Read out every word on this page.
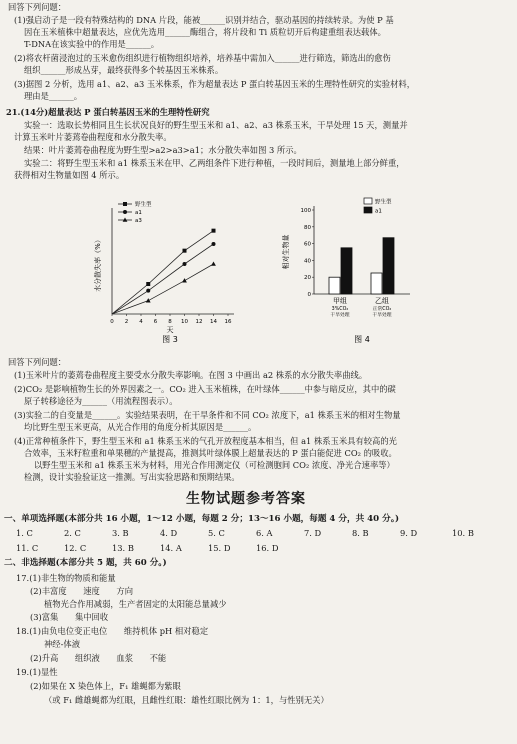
回答下列问题：
(1)强启动子是一段有特殊结构的 DNA 片段，能被______识别并结合，驱动基因的持续转录。为使 P 基
因在玉米植株中超量表达，应优先选用______酶组合，将片段和 Ti 质粒切开后构建重组表达载体。
T-DNA在该实验中的作用是______。
(2)将农杆菌浸泡过的玉米愈伤组织进行植物组织培养，培养基中需加入______进行筛选，筛选出的愈伤
组织______形成丛芽，最终获得多个转基因玉米株系。
(3)据图 2 分析，选用 a1、a2、a3 玉米株系，作为超量表达 P 蛋白转基因玉米的生理特性研究的实验材料，
理由是______。
21.(14分)超量表达 P 蛋白转基因玉米的生理特性研究
实验一：选取长势相同且生长状况良好的野生型玉米和 a1、a2、a3 株系玉米，干旱处理 15 天，测量并
计算玉米叶片萎蔫卷曲程度和水分散失率。
结果：叶片萎蔫卷曲程度为野生型>a2>a3>a1；水分散失率如图 3 所示。
实验二：将野生型玉米和 a1 株系玉米在甲、乙两组条件下进行种植，一段时间后，测量地上部分鲜重，
获得相对生物量如图 4 所示。
0 2 4 6 8 10 12 14 16
天
水分散失率（%）
野生型
a1
a3
图 3
0
20
40
60
80
100
相对生物量
甲组
3%CO₂
干旱处理
乙组
正常CO₂
干旱处理
野生型
a1
图 4
回答下列问题：
(1)玉米叶片的萎蔫卷曲程度主要受水分散失率影响。在图 3 中画出 a2 株系的水分散失率曲线。
(2)CO₂ 是影响植物生长的外界因素之一。CO₂ 进入玉米植株，在叶绿体______中参与暗反应，其中的碳
原子转移途径为______（用流程图表示）。
(3)实验二的自变量是______。实验结果表明，在干旱条件和不同 CO₂ 浓度下，a1 株系玉米的相对生物量
均比野生型玉米更高，从光合作用的角度分析其原因是______。
(4)正常种植条件下，野生型玉米和 a1 株系玉米的气孔开放程度基本相当，但 a1 株系玉米具有较高的光
合效率，玉米籽粒重和单果穗的产量提高，推测其叶绿体膜上超量表达的 P 蛋白能促进 CO₂ 的吸收。
以野生型玉米和 a1 株系玉米为材料，用光合作用测定仪（可检测胞间 CO₂ 浓度、净光合速率等）
检测，设计实验验证这一推测。写出实验思路和预期结果。
生物试题参考答案
一、单项选择题(本部分共 16 小题，1～12 小题，每题 2 分；13～16 小题，每题 4 分，共 40 分。)
1. C	2. C	3. B	4. D	5. C	6. A	7. D	8. B	9. D	10. B
11. C	12. C	13. B	14. A	15. D	16. D
二、非选择题(本部分共 5 题，共 60 分。)
17.(1)非生物的物质和能量
(2)丰富度　　速度　　方向
植物光合作用减弱，生产者固定的太阳能总量减少
(3)富集　　集中回收
18.(1)由负电位变正电位　　维持机体 pH 相对稳定
神经-体液
(2)升高　　组织液　　血浆　　不能
19.(1)显性
(2)如果在 X 染色体上，F₁ 雄蝇都为紫眼
（或 F₁ 雌雄蝇都为红眼，且雌性红眼：雄性红眼比例为 1：1，与性别无关）
